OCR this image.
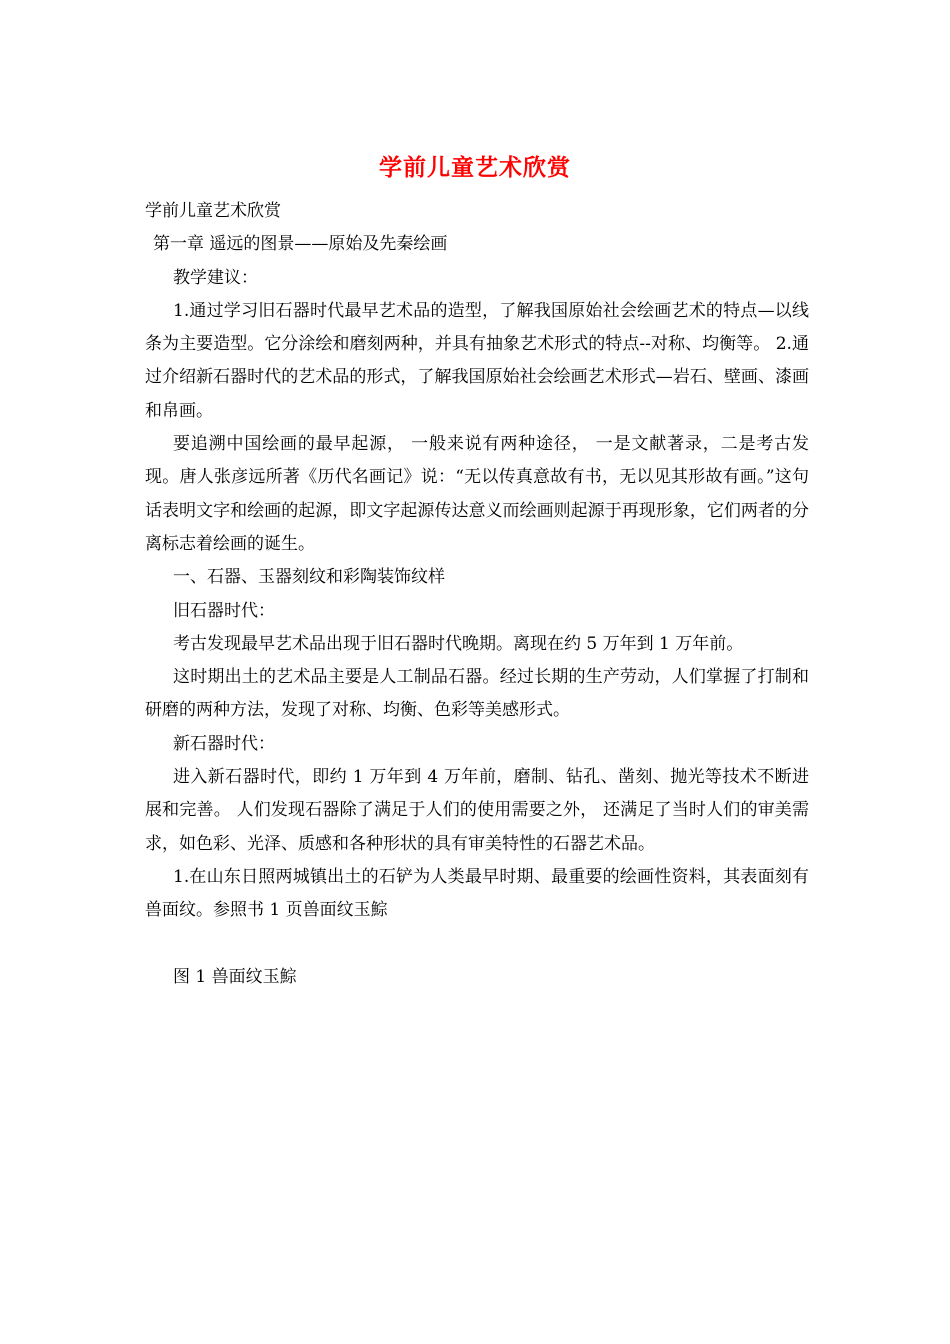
学前儿童艺术欣赏

学前儿童艺术欣赏

第一章 遥远的图景——原始及先秦绘画

教学建议：

1.通过学习旧石器时代最早艺术品的造型，了解我国原始社会绘画艺术的特点—以线条为主要造型。它分涂绘和磨刻两种，并具有抽象艺术形式的特点--对称、均衡等。 2.通过介绍新石器时代的艺术品的形式，了解我国原始社会绘画艺术形式—岩石、壁画、漆画和帛画。

要追溯中国绘画的最早起源， 一般来说有两种途径， 一是文献著录，二是考古发现。唐人张彦远所著《历代名画记》说：“无以传真意故有书，无以见其形故有画。”这句话表明文字和绘画的起源，即文字起源传达意义而绘画则起源于再现形象，它们两者的分离标志着绘画的诞生。

一、石器、玉器刻纹和彩陶装饰纹样

旧石器时代：

考古发现最早艺术品出现于旧石器时代晚期。离现在约 5 万年到 1 万年前。

这时期出土的艺术品主要是人工制品石器。经过长期的生产劳动，人们掌握了打制和研磨的两种方法，发现了对称、均衡、色彩等美感形式。

新石器时代：

进入新石器时代，即约 1 万年到 4 万年前，磨制、钻孔、凿刻、抛光等技术不断进展和完善。 人们发现石器除了满足于人们的使用需要之外， 还满足了当时人们的审美需求，如色彩、光泽、质感和各种形状的具有审美特性的石器艺术品。

1.在山东日照两城镇出土的石铲为人类最早时期、最重要的绘画性资料，其表面刻有兽面纹。参照书 1 页兽面纹玉鯮

图 1 兽面纹玉鯮
